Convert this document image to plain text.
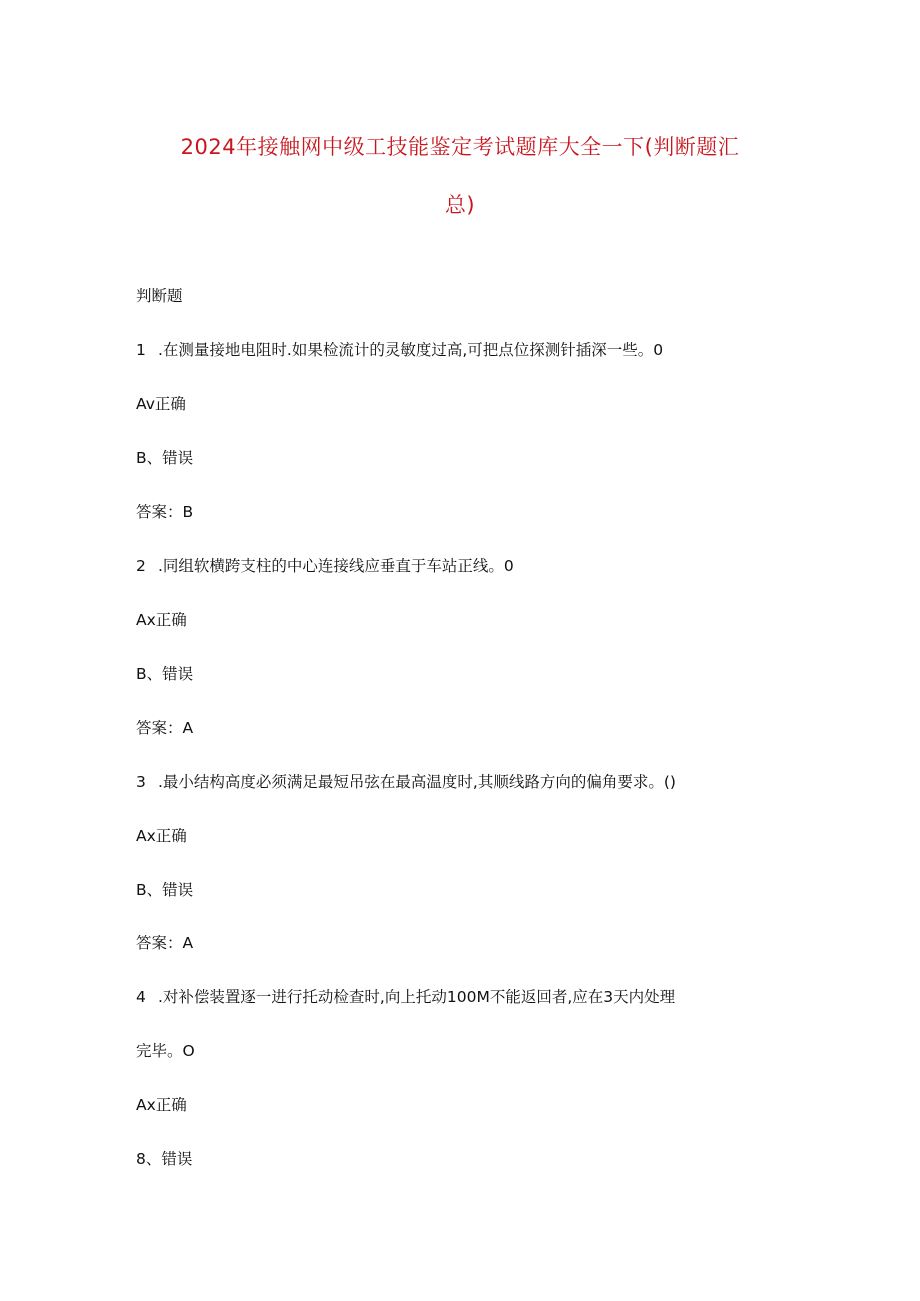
2024年接触网中级工技能鉴定考试题库大全一下(判断题汇
总)
判断题
1 .在测量接地电阻时.如果检流计的灵敏度过高,可把点位探测针插深一些。0
Av正确
B、错误
答案：B
2 .同组软横跨支柱的中心连接线应垂直于车站正线。0
Ax正确
B、错误
答案：A
3 .最小结构高度必须满足最短吊弦在最高温度时,其顺线路方向的偏角要求。()
Ax正确
B、错误
答案：A
4 .对补偿装置逐一进行托动检查时,向上托动100M不能返回者,应在3天内处理
完毕。O
Ax正确
8、错误
